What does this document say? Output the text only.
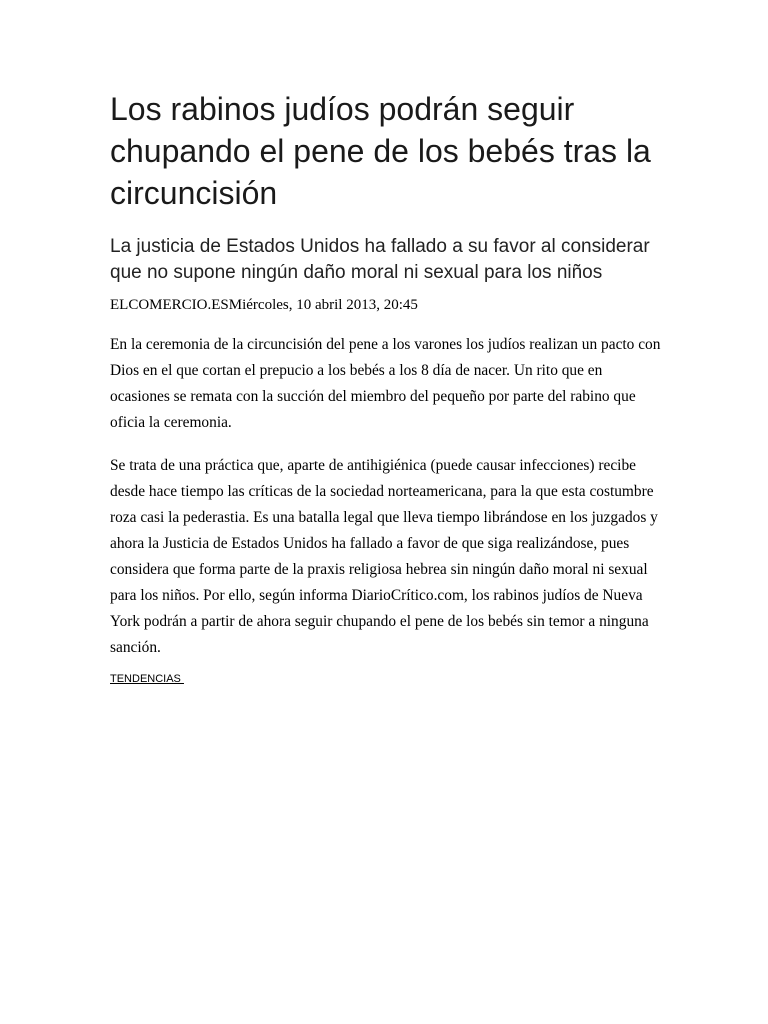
Los rabinos judíos podrán seguir chupando el pene de los bebés tras la circuncisión
La justicia de Estados Unidos ha fallado a su favor al considerar que no supone ningún daño moral ni sexual para los niños
ELCOMERCIO.ESMiércoles, 10 abril 2013, 20:45

En la ceremonia de la circuncisión del pene a los varones los judíos realizan un pacto con Dios en el que cortan el prepucio a los bebés a los 8 día de nacer. Un rito que en ocasiones se remata con la succión del miembro del pequeño por parte del rabino que oficia la ceremonia.

Se trata de una práctica que, aparte de antihigiénica (puede causar infecciones) recibe desde hace tiempo las críticas de la sociedad norteamericana, para la que esta costumbre roza casi la pederastia. Es una batalla legal que lleva tiempo librándose en los juzgados y ahora la Justicia de Estados Unidos ha fallado a favor de que siga realizándose, pues considera que forma parte de la praxis religiosa hebrea sin ningún daño moral ni sexual para los niños. Por ello, según informa DiarioCrítico.com, los rabinos judíos de Nueva York podrán a partir de ahora seguir chupando el pene de los bebés sin temor a ninguna sanción.

TENDENCIAS
